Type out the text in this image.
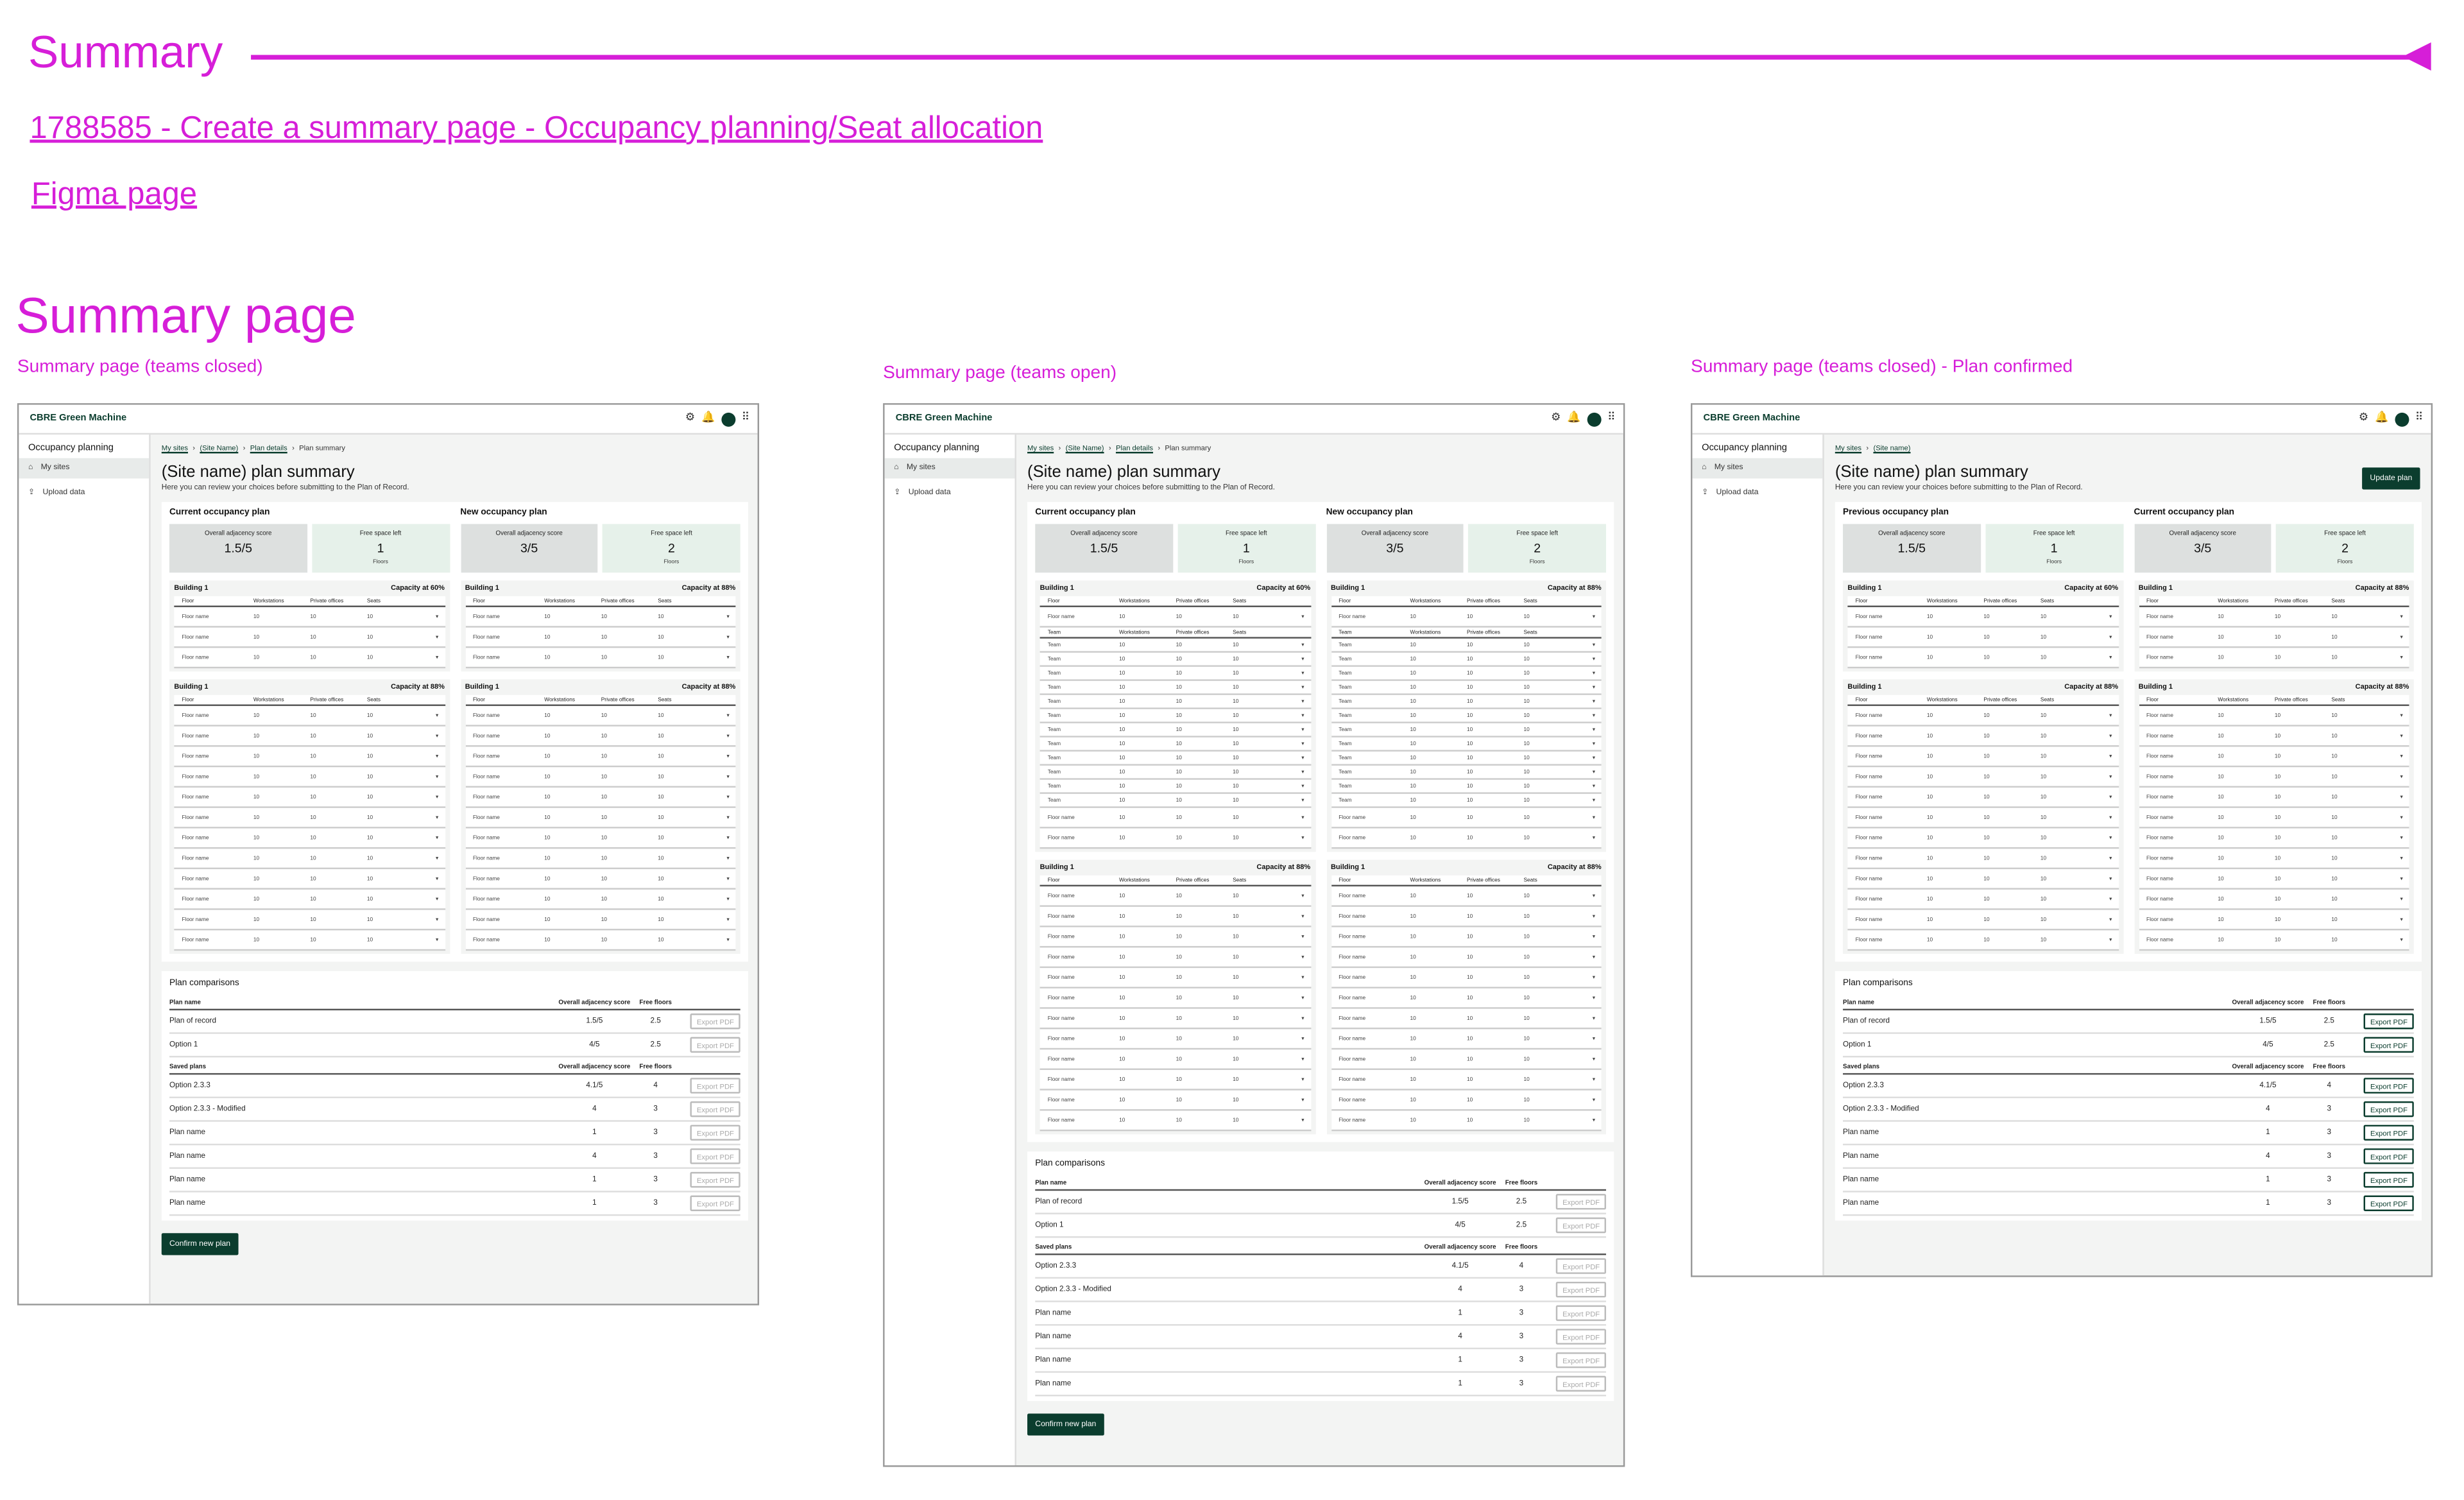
Summary
1788585 - Create a summary page - Occupancy planning/Seat allocation
Figma page
Summary page
Summary page (teams closed)	Summary page (teams open)	Summary page (teams closed) - Plan confirmed
CBRE Green Machine	⚙ 🔔	⠿
Occupancy planning
⌂ My sites
⇪ Upload data
My sites › (Site Name) › Plan details › Plan summary
(Site name) plan summary
Here you can review your choices before submitting to the Plan of Record.
Current occupancy plan
Overall adjacency score
1.5/5
Free space left
1
Floors
Building 1	Capacity at 60%
Floor	Workstations	Private offices	Seats
Floor name	10	10	10	▾
Floor name	10	10	10	▾
Floor name	10	10	10	▾
Building 1	Capacity at 88%
Floor	Workstations	Private offices	Seats
Floor name	10	10	10	▾
Floor name	10	10	10	▾
Floor name	10	10	10	▾
Floor name	10	10	10	▾
Floor name	10	10	10	▾
Floor name	10	10	10	▾
Floor name	10	10	10	▾
Floor name	10	10	10	▾
Floor name	10	10	10	▾
Floor name	10	10	10	▾
Floor name	10	10	10	▾
Floor name	10	10	10	▾
New occupancy plan
Overall adjacency score
3/5
Free space left
2
Floors
Building 1	Capacity at 88%
Floor	Workstations	Private offices	Seats
Floor name	10	10	10	▾
Floor name	10	10	10	▾
Floor name	10	10	10	▾
Building 1	Capacity at 88%
Floor	Workstations	Private offices	Seats
Floor name	10	10	10	▾
Floor name	10	10	10	▾
Floor name	10	10	10	▾
Floor name	10	10	10	▾
Floor name	10	10	10	▾
Floor name	10	10	10	▾
Floor name	10	10	10	▾
Floor name	10	10	10	▾
Floor name	10	10	10	▾
Floor name	10	10	10	▾
Floor name	10	10	10	▾
Floor name	10	10	10	▾
Plan comparisons
Plan name	Overall adjacency score	Free floors
Plan of record	1.5/5	2.5	Export PDF
Option 1	4/5	2.5	Export PDF
Saved plans	Overall adjacency score	Free floors
Option 2.3.3	4.1/5	4	Export PDF
Option 2.3.3 - Modified	4	3	Export PDF
Plan name	1	3	Export PDF
Plan name	4	3	Export PDF
Plan name	1	3	Export PDF
Plan name	1	3	Export PDF
Confirm new plan
CBRE Green Machine	⚙ 🔔	⠿
Occupancy planning
⌂ My sites
⇪ Upload data
My sites › (Site Name) › Plan details › Plan summary
(Site name) plan summary
Here you can review your choices before submitting to the Plan of Record.
Current occupancy plan
Overall adjacency score
1.5/5
Free space left
1
Floors
Building 1	Capacity at 60%
Floor	Workstations	Private offices	Seats
Floor name	10	10	10	▾
Team	Workstations	Private offices	Seats
Team	10	10	10	▾
Team	10	10	10	▾
Team	10	10	10	▾
Team	10	10	10	▾
Team	10	10	10	▾
Team	10	10	10	▾
Team	10	10	10	▾
Team	10	10	10	▾
Team	10	10	10	▾
Team	10	10	10	▾
Team	10	10	10	▾
Team	10	10	10	▾
Floor name	10	10	10	▾
Floor name	10	10	10	▾
Building 1	Capacity at 88%
Floor	Workstations	Private offices	Seats
Floor name	10	10	10	▾
Floor name	10	10	10	▾
Floor name	10	10	10	▾
Floor name	10	10	10	▾
Floor name	10	10	10	▾
Floor name	10	10	10	▾
Floor name	10	10	10	▾
Floor name	10	10	10	▾
Floor name	10	10	10	▾
Floor name	10	10	10	▾
Floor name	10	10	10	▾
Floor name	10	10	10	▾
New occupancy plan
Overall adjacency score
3/5
Free space left
2
Floors
Building 1	Capacity at 88%
Floor	Workstations	Private offices	Seats
Floor name	10	10	10	▾
Team	Workstations	Private offices	Seats
Team	10	10	10	▾
Team	10	10	10	▾
Team	10	10	10	▾
Team	10	10	10	▾
Team	10	10	10	▾
Team	10	10	10	▾
Team	10	10	10	▾
Team	10	10	10	▾
Team	10	10	10	▾
Team	10	10	10	▾
Team	10	10	10	▾
Team	10	10	10	▾
Floor name	10	10	10	▾
Floor name	10	10	10	▾
Building 1	Capacity at 88%
Floor	Workstations	Private offices	Seats
Floor name	10	10	10	▾
Floor name	10	10	10	▾
Floor name	10	10	10	▾
Floor name	10	10	10	▾
Floor name	10	10	10	▾
Floor name	10	10	10	▾
Floor name	10	10	10	▾
Floor name	10	10	10	▾
Floor name	10	10	10	▾
Floor name	10	10	10	▾
Floor name	10	10	10	▾
Floor name	10	10	10	▾
Plan comparisons
Plan name	Overall adjacency score	Free floors
Plan of record	1.5/5	2.5	Export PDF
Option 1	4/5	2.5	Export PDF
Saved plans	Overall adjacency score	Free floors
Option 2.3.3	4.1/5	4	Export PDF
Option 2.3.3 - Modified	4	3	Export PDF
Plan name	1	3	Export PDF
Plan name	4	3	Export PDF
Plan name	1	3	Export PDF
Plan name	1	3	Export PDF
Confirm new plan
CBRE Green Machine	⚙ 🔔	⠿
Occupancy planning
⌂ My sites
⇪ Upload data
My sites › (Site name)
(Site name) plan summary
Here you can review your choices before submitting to the Plan of Record.
Update plan
Previous occupancy plan
Overall adjacency score
1.5/5
Free space left
1
Floors
Building 1	Capacity at 60%
Floor	Workstations	Private offices	Seats
Floor name	10	10	10	▾
Floor name	10	10	10	▾
Floor name	10	10	10	▾
Building 1	Capacity at 88%
Floor	Workstations	Private offices	Seats
Floor name	10	10	10	▾
Floor name	10	10	10	▾
Floor name	10	10	10	▾
Floor name	10	10	10	▾
Floor name	10	10	10	▾
Floor name	10	10	10	▾
Floor name	10	10	10	▾
Floor name	10	10	10	▾
Floor name	10	10	10	▾
Floor name	10	10	10	▾
Floor name	10	10	10	▾
Floor name	10	10	10	▾
Current occupancy plan
Overall adjacency score
3/5
Free space left
2
Floors
Building 1	Capacity at 88%
Floor	Workstations	Private offices	Seats
Floor name	10	10	10	▾
Floor name	10	10	10	▾
Floor name	10	10	10	▾
Building 1	Capacity at 88%
Floor	Workstations	Private offices	Seats
Floor name	10	10	10	▾
Floor name	10	10	10	▾
Floor name	10	10	10	▾
Floor name	10	10	10	▾
Floor name	10	10	10	▾
Floor name	10	10	10	▾
Floor name	10	10	10	▾
Floor name	10	10	10	▾
Floor name	10	10	10	▾
Floor name	10	10	10	▾
Floor name	10	10	10	▾
Floor name	10	10	10	▾
Plan comparisons
Plan name	Overall adjacency score	Free floors
Plan of record	1.5/5	2.5	Export PDF
Option 1	4/5	2.5	Export PDF
Saved plans	Overall adjacency score	Free floors
Option 2.3.3	4.1/5	4	Export PDF
Option 2.3.3 - Modified	4	3	Export PDF
Plan name	1	3	Export PDF
Plan name	4	3	Export PDF
Plan name	1	3	Export PDF
Plan name	1	3	Export PDF
